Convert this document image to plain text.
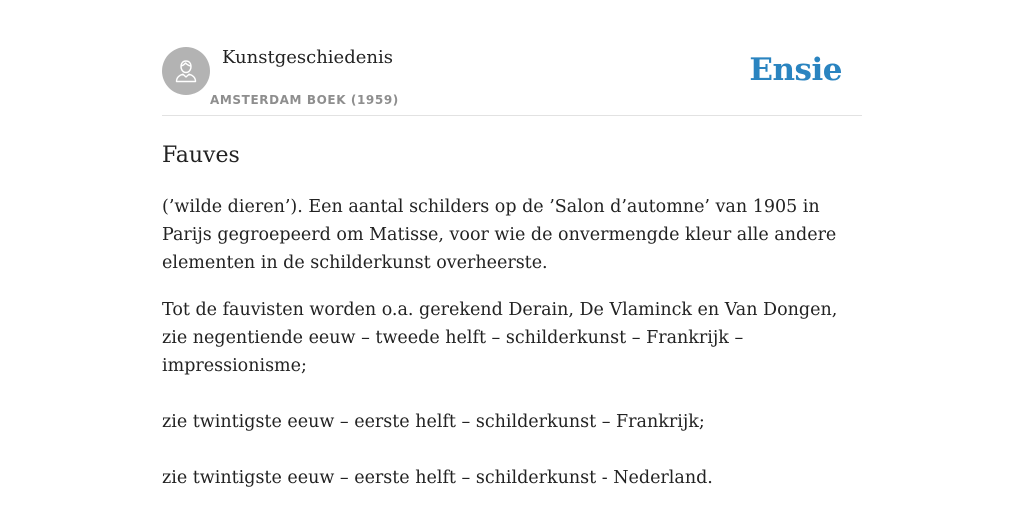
Kunstgeschiedenis
AMSTERDAM BOEK (1959)
Ensie
Fauves

(’wilde dieren’). Een aantal schilders op de ’Salon d’automne’ van 1905 in Parijs gegroepeerd om Matisse, voor wie de onvermengde kleur alle andere elementen in de schilderkunst overheerste.

Tot de fauvisten worden o.a. gerekend Derain, De Vlaminck en Van Dongen, zie negentiende eeuw – tweede helft – schilderkunst – Frankrijk – impressionisme;

zie twintigste eeuw – eerste helft – schilderkunst – Frankrijk;

zie twintigste eeuw – eerste helft – schilderkunst - Nederland.
